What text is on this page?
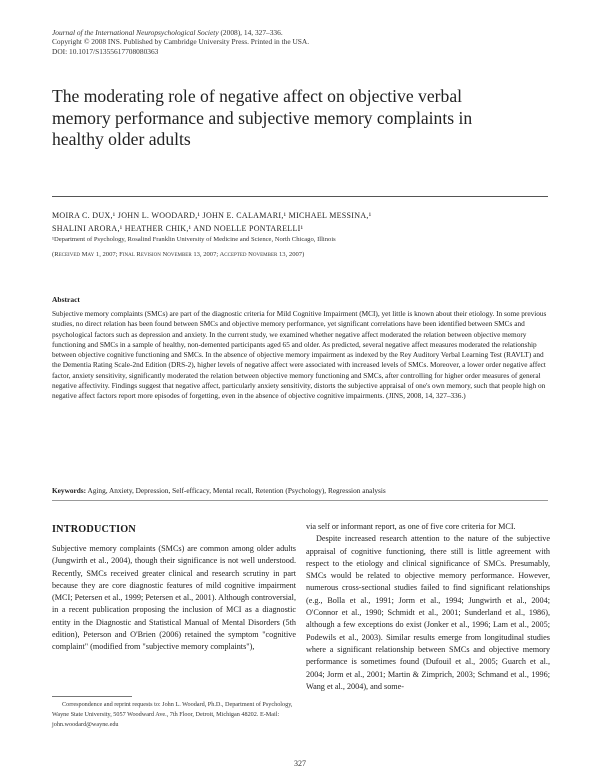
Journal of the International Neuropsychological Society (2008), 14, 327–336.
Copyright © 2008 INS. Published by Cambridge University Press. Printed in the USA.
DOI: 10.1017/S1355617708080363
The moderating role of negative affect on objective verbal memory performance and subjective memory complaints in healthy older adults
MOIRA C. DUX,¹ JOHN L. WOODARD,¹ JOHN E. CALAMARI,¹ MICHAEL MESSINA,¹
SHALINI ARORA,¹ HEATHER CHIK,¹ AND NOELLE PONTARELLI¹
¹Department of Psychology, Rosalind Franklin University of Medicine and Science, North Chicago, Illinois
(Received May 1, 2007; Final Revision November 13, 2007; Accepted November 13, 2007)
Abstract
Subjective memory complaints (SMCs) are part of the diagnostic criteria for Mild Cognitive Impairment (MCI), yet little is known about their etiology. In some previous studies, no direct relation has been found between SMCs and objective memory performance, yet significant correlations have been identified between SMCs and psychological factors such as depression and anxiety. In the current study, we examined whether negative affect moderated the relation between objective memory functioning and SMCs in a sample of healthy, non-demented participants aged 65 and older. As predicted, several negative affect measures moderated the relationship between objective cognitive functioning and SMCs. In the absence of objective memory impairment as indexed by the Rey Auditory Verbal Learning Test (RAVLT) and the Dementia Rating Scale-2nd Edition (DRS-2), higher levels of negative affect were associated with increased levels of SMCs. Moreover, a lower order negative affect factor, anxiety sensitivity, significantly moderated the relation between objective memory functioning and SMCs, after controlling for higher order measures of general negative affectivity. Findings suggest that negative affect, particularly anxiety sensitivity, distorts the subjective appraisal of one's own memory, such that people high on negative affect factors report more episodes of forgetting, even in the absence of objective cognitive impairments. (JINS, 2008, 14, 327–336.)
Keywords: Aging, Anxiety, Depression, Self-efficacy, Mental recall, Retention (Psychology), Regression analysis
INTRODUCTION

Subjective memory complaints (SMCs) are common among older adults (Jungwirth et al., 2004), though their significance is not well understood. Recently, SMCs received greater clinical and research scrutiny in part because they are core diagnostic features of mild cognitive impairment (MCI; Petersen et al., 1999; Petersen et al., 2001). Although controversial, in a recent publication proposing the inclusion of MCI as a diagnostic entity in the Diagnostic and Statistical Manual of Mental Disorders (5th edition), Peterson and O'Brien (2006) retained the symptom "cognitive complaint" (modified from "subjective memory complaints"),

via self or informant report, as one of five core criteria for MCI.

Despite increased research attention to the nature of the subjective appraisal of cognitive functioning, there still is little agreement with respect to the etiology and clinical significance of SMCs. Presumably, SMCs would be related to objective memory performance. However, numerous cross-sectional studies failed to find significant relationships (e.g., Bolla et al., 1991; Jorm et al., 1994; Jungwirth et al., 2004; O'Connor et al., 1990; Schmidt et al., 2001; Sunderland et al., 1986), although a few exceptions do exist (Jonker et al., 1996; Lam et al., 2005; Podewils et al., 2003). Similar results emerge from longitudinal studies where a significant relationship between SMCs and objective memory performance is sometimes found (Dufouil et al., 2005; Guarch et al., 2004; Jorm et al., 2001; Martin & Zimprich, 2003; Schmand et al., 1996; Wang et al., 2004), and some-

Correspondence and reprint requests to: John L. Woodard, Ph.D., Department of Psychology, Wayne State University, 5057 Woodward Ave., 7th Floor, Detroit, Michigan 48202. E-Mail: john.woodard@wayne.edu
327
